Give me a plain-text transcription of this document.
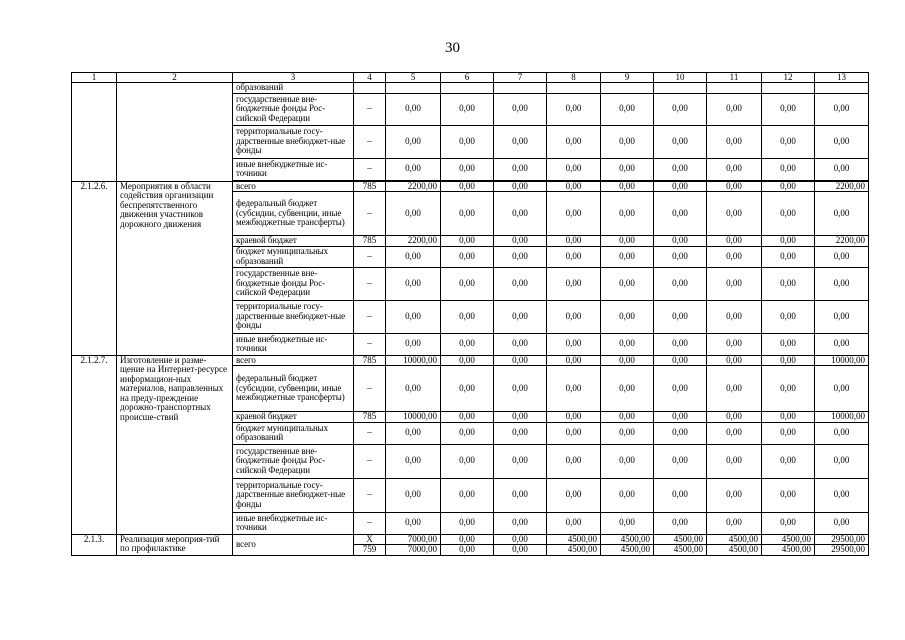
30
1	2	3	4	5	6	7	8	9	10	11	12	13
		образований										
		государственные вне-бюджетные фонды Рос-сийской Федерации	–	0,00	0,00	0,00	0,00	0,00	0,00	0,00	0,00	0,00
		территориальные госу-дарственные внебюджет-ные фонды	–	0,00	0,00	0,00	0,00	0,00	0,00	0,00	0,00	0,00
		иные внебюджетные ис-точники	–	0,00	0,00	0,00	0,00	0,00	0,00	0,00	0,00	0,00

2.1.2.6.	Мероприятия в области содействия организации беспрепятственного движения участников дорожного движения	всего	785	2200,00	0,00	0,00	0,00	0,00	0,00	0,00	0,00	2200,00
		федеральный бюджет (субсидии, субвенции, иные межбюджетные трансферты)	–	0,00	0,00	0,00	0,00	0,00	0,00	0,00	0,00	0,00
		краевой бюджет	785	2200,00	0,00	0,00	0,00	0,00	0,00	0,00	0,00	2200,00
		бюджет муниципальных образований	–	0,00	0,00	0,00	0,00	0,00	0,00	0,00	0,00	0,00
		государственные вне-бюджетные фонды Рос-сийской Федерации	–	0,00	0,00	0,00	0,00	0,00	0,00	0,00	0,00	0,00
		территориальные госу-дарственные внебюджет-ные фонды	–	0,00	0,00	0,00	0,00	0,00	0,00	0,00	0,00	0,00
		иные внебюджетные ис-точники	–	0,00	0,00	0,00	0,00	0,00	0,00	0,00	0,00	0,00
2.1.2.7.	Изготовление и разме-щение на Интернет-ресурсе информацион-ных материалов, направленных на преду-преждение дорожно-транспортных происше-ствий	всего	785	10000,00	0,00	0,00	0,00	0,00	0,00	0,00	0,00	10000,00
		федеральный бюджет (субсидии, субвенции, иные межбюджетные трансферты)	–	0,00	0,00	0,00	0,00	0,00	0,00	0,00	0,00	0,00
		краевой бюджет	785	10000,00	0,00	0,00	0,00	0,00	0,00	0,00	0,00	10000,00
		бюджет муниципальных образований	–	0,00	0,00	0,00	0,00	0,00	0,00	0,00	0,00	0,00
		государственные вне-бюджетные фонды Рос-сийской Федерации	–	0,00	0,00	0,00	0,00	0,00	0,00	0,00	0,00	0,00
		территориальные госу-дарственные внебюджет-ные фонды	–	0,00	0,00	0,00	0,00	0,00	0,00	0,00	0,00	0,00
		иные внебюджетные ис-точники	–	0,00	0,00	0,00	0,00	0,00	0,00	0,00	0,00	0,00
2.1.3.	Реализация мероприя-тий по профилактике	всего	Х	7000,00	0,00	0,00	4500,00	4500,00	4500,00	4500,00	4500,00	29500,00
			759	7000,00	0,00	0,00	4500,00	4500,00	4500,00	4500,00	4500,00	29500,00
